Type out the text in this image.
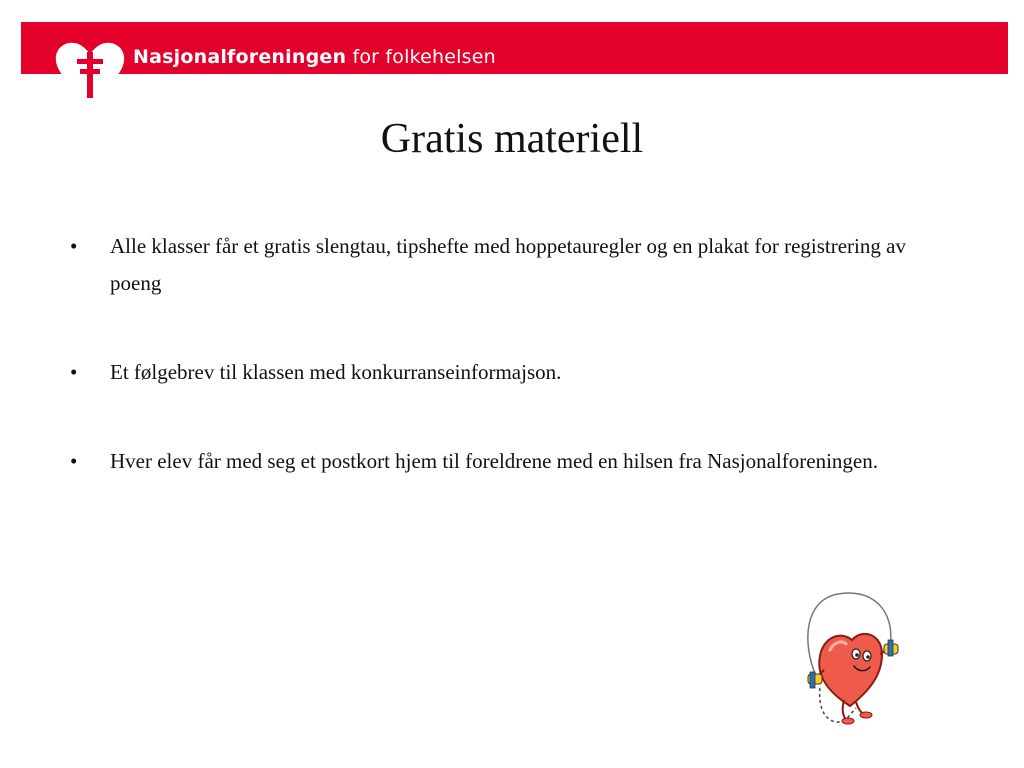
Nasjonalforeningen for folkehelsen
Gratis materiell
• Alle klasser får et gratis slengtau, tipshefte med hoppetauregler og en plakat for registrering av poeng
• Et følgebrev til klassen med konkurranseinformajson.
• Hver elev får med seg et postkort hjem til foreldrene med en hilsen fra Nasjonalforeningen.
